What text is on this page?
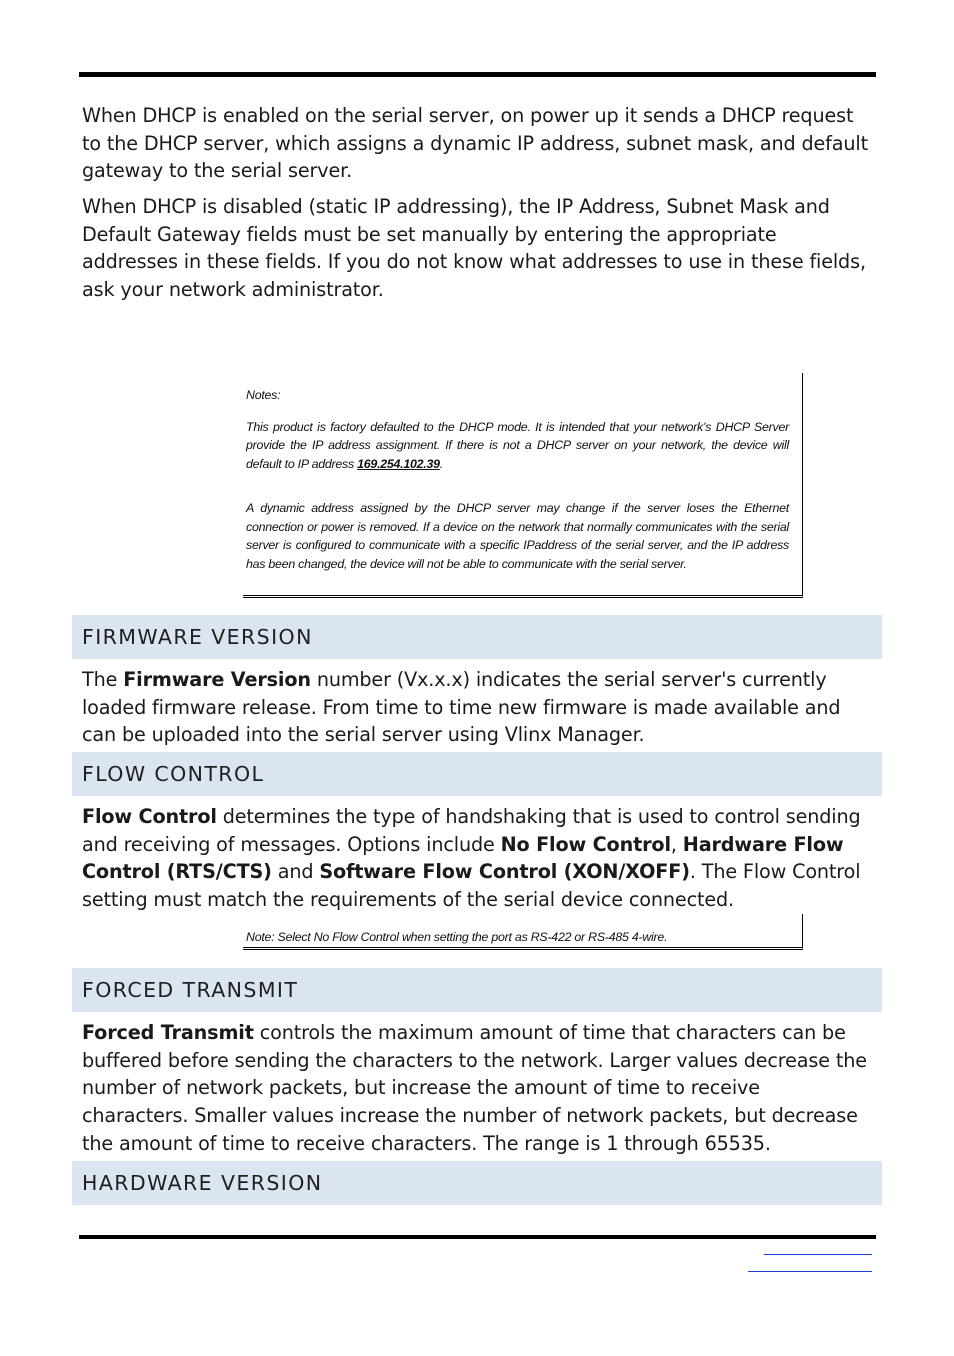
When DHCP is enabled on the serial server, on power up it sends a DHCP request to the DHCP server, which assigns a dynamic IP address, subnet mask, and default gateway to the serial server.

When DHCP is disabled (static IP addressing), the IP Address, Subnet Mask and Default Gateway fields must be set manually by entering the appropriate addresses in these fields. If you do not know what addresses to use in these fields, ask your network administrator.

Notes:

This product is factory defaulted to the DHCP mode. It is intended that your network’s DHCP Server provide the IP address assignment. If there is not a DHCP server on your network, the device will default to IP address 169.254.102.39.

A dynamic address assigned by the DHCP server may change if the server loses the Ethernet connection or power is removed. If a device on the network that normally communicates with the serial server is configured to communicate with a specific IPaddress of the serial server, and the IP address has been changed, the device will not be able to communicate with the serial server.

FIRMWARE VERSION

The Firmware Version number (Vx.x.x) indicates the serial server's currently loaded firmware release. From time to time new firmware is made available and can be uploaded into the serial server using Vlinx Manager.

FLOW CONTROL

Flow Control determines the type of handshaking that is used to control sending and receiving of messages. Options include No Flow Control, Hardware Flow Control (RTS/CTS) and Software Flow Control (XON/XOFF). The Flow Control setting must match the requirements of the serial device connected.

Note: Select No Flow Control when setting the port as RS-422 or RS-485 4-wire.

FORCED TRANSMIT

Forced Transmit controls the maximum amount of time that characters can be buffered before sending the characters to the network. Larger values decrease the number of network packets, but increase the amount of time to receive characters. Smaller values increase the number of network packets, but decrease the amount of time to receive characters. The range is 1 through 65535.

HARDWARE VERSION
